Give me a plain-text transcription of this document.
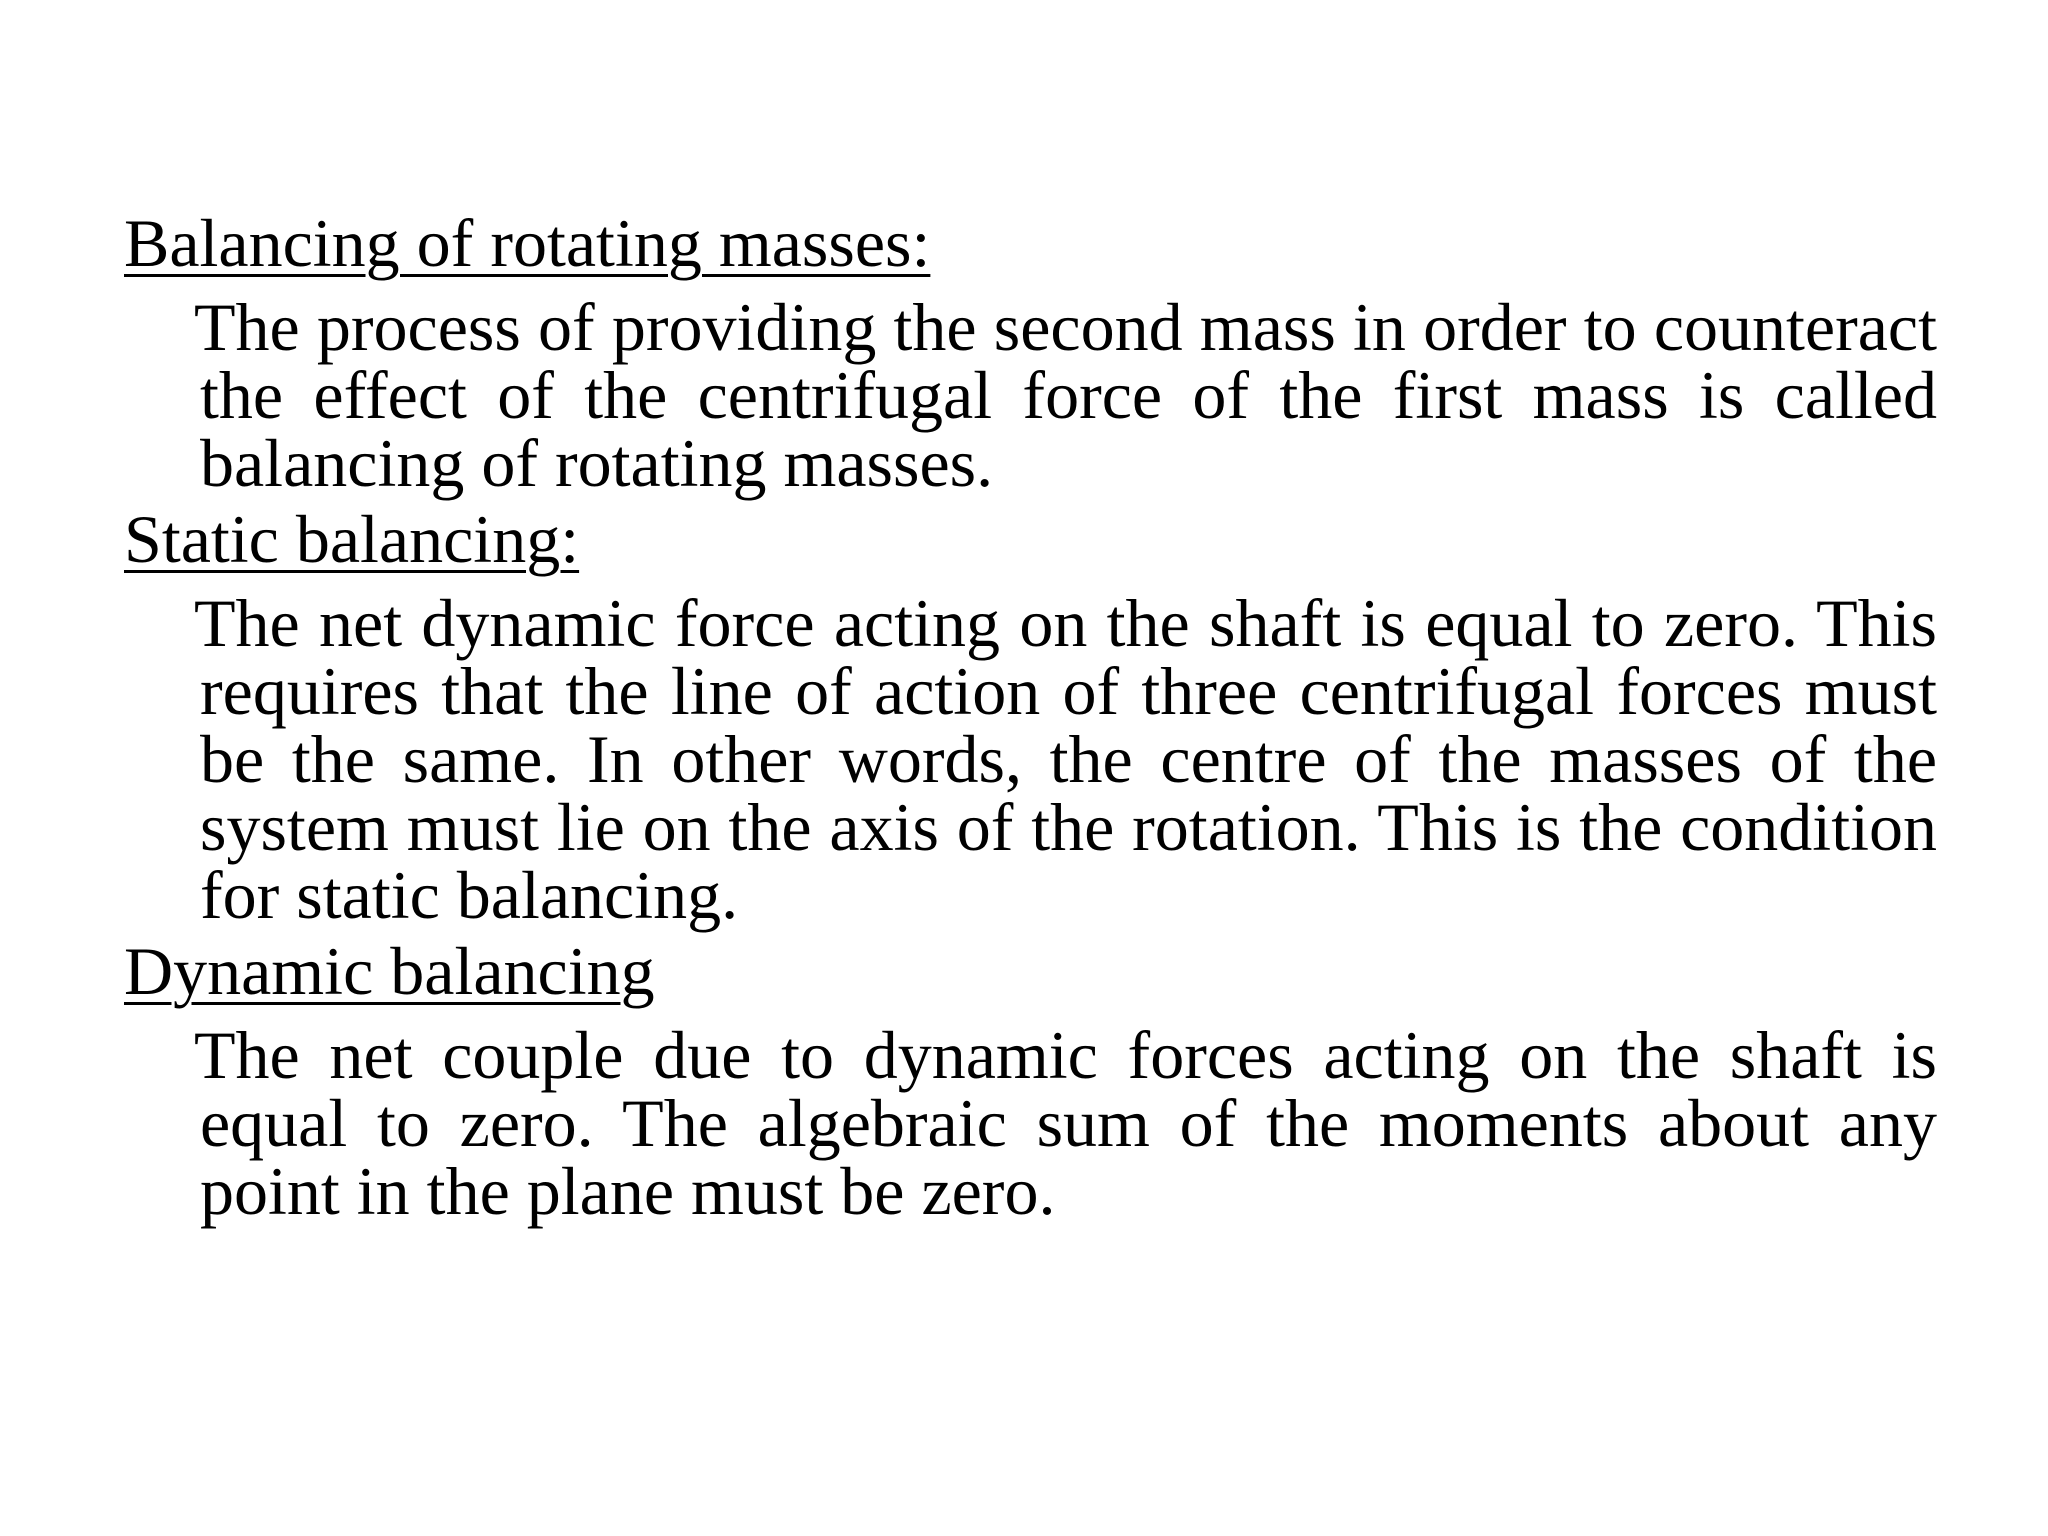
Balancing of rotating masses:

The process of providing the second mass in order to counteract the effect of the centrifugal force of the first mass is called balancing of rotating masses.

Static balancing:

The net dynamic force acting on the shaft is equal to zero. This requires that the line of action of three centrifugal forces must be the same. In other words, the centre of the masses of the system must lie on the axis of the rotation. This is the condition for static balancing.

Dynamic balancing

The net couple due to dynamic forces acting on the shaft is equal to zero. The algebraic sum of the moments about any point in the plane must be zero.
